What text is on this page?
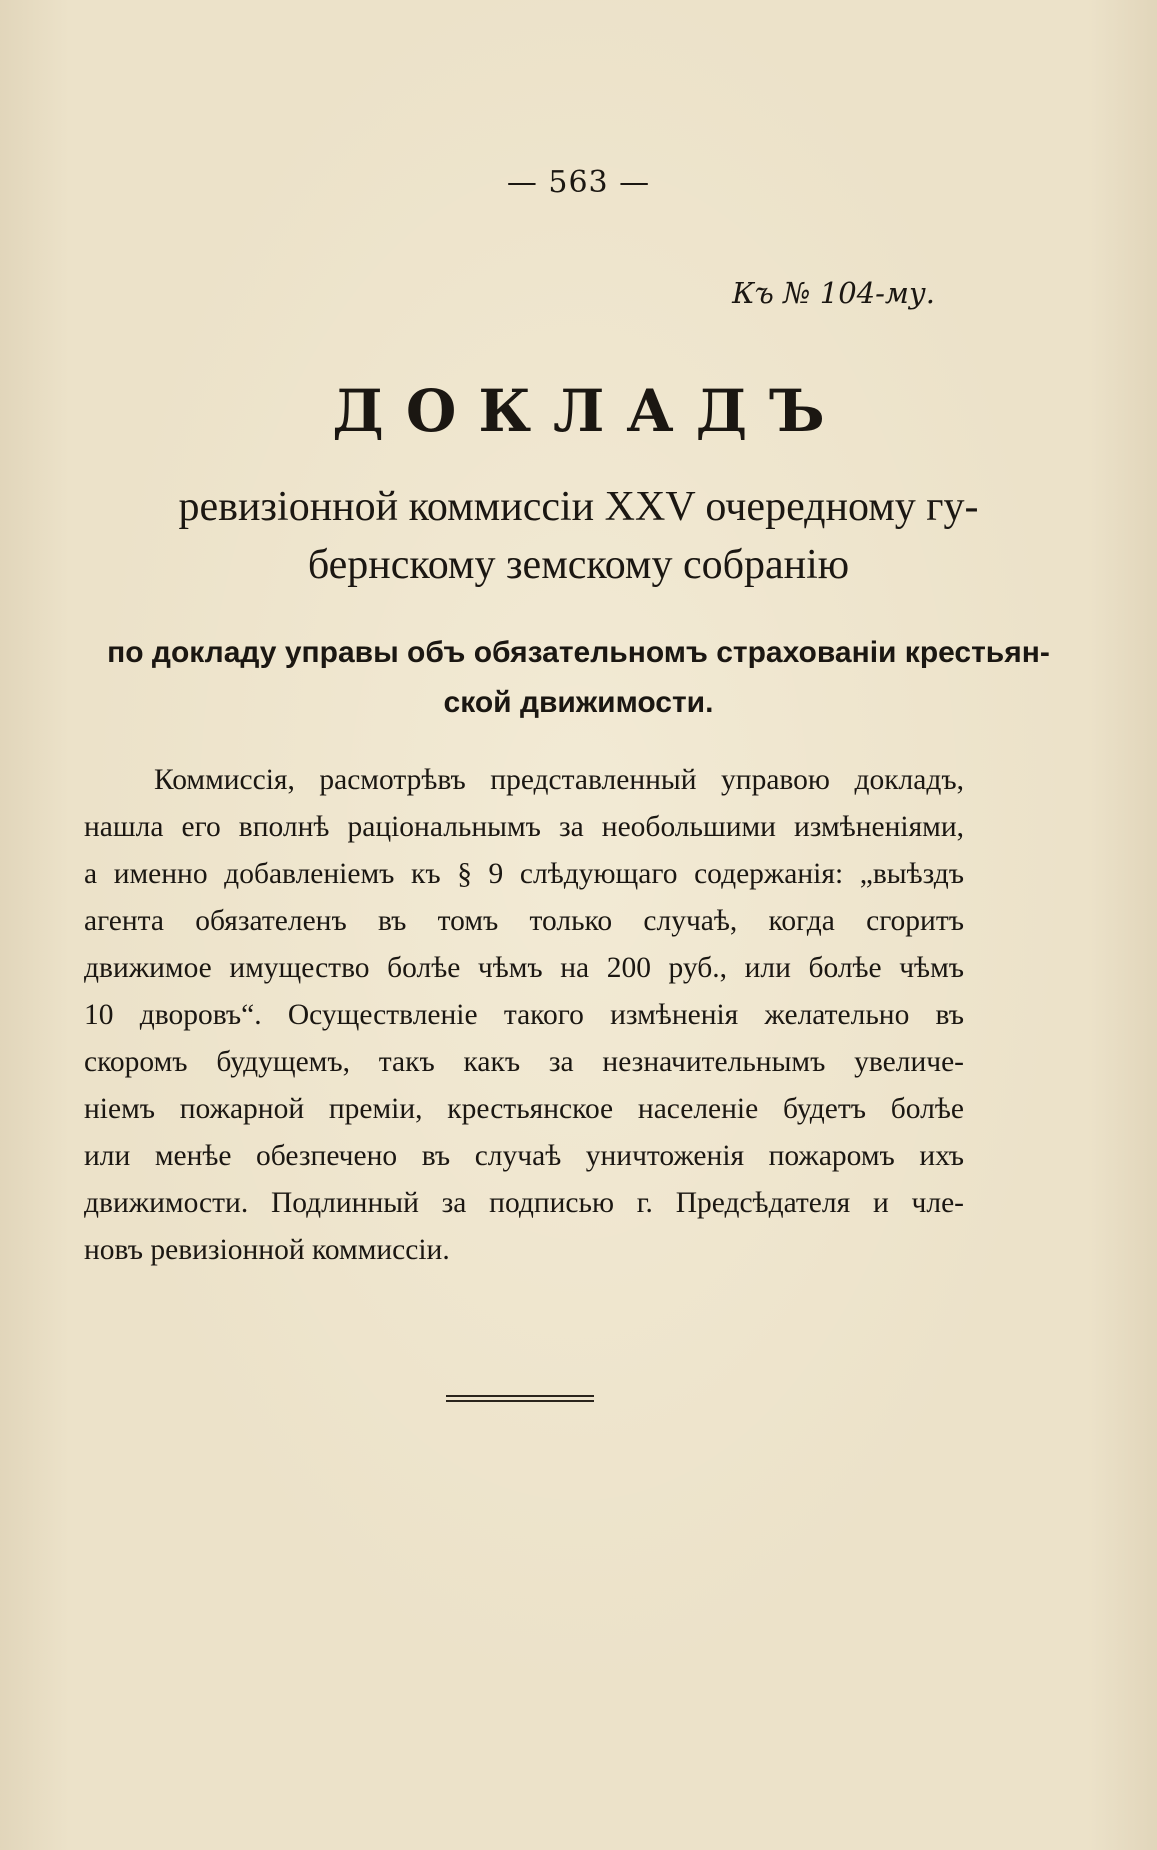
— 563 —
Къ № 104-му.
ДОКЛАДЪ
ревизіонной коммиссіи XXV очередному гу-
бернскому земскому собранію
по докладу управы объ обязательномъ страхованіи крестьян-
ской движимости.
Коммиссія, расмотрѣвъ представленный управою докладъ,
нашла его вполнѣ раціональнымъ за необольшими измѣненіями,
а именно добавленіемъ къ § 9 слѣдующаго содержанія: „выѣздъ
агента обязателенъ въ томъ только случаѣ, когда сгоритъ
движимое имущество болѣе чѣмъ на 200 руб., или болѣе чѣмъ
10 дворовъ“. Осуществленіе такого измѣненія желательно въ
скоромъ будущемъ, такъ какъ за незначительнымъ увеличе-
ніемъ пожарной преміи, крестьянское населеніе будетъ болѣе
или менѣе обезпечено въ случаѣ уничтоженія пожаромъ ихъ
движимости. Подлинный за подписью г. Предсѣдателя и чле-
новъ ревизіонной коммиссіи.
